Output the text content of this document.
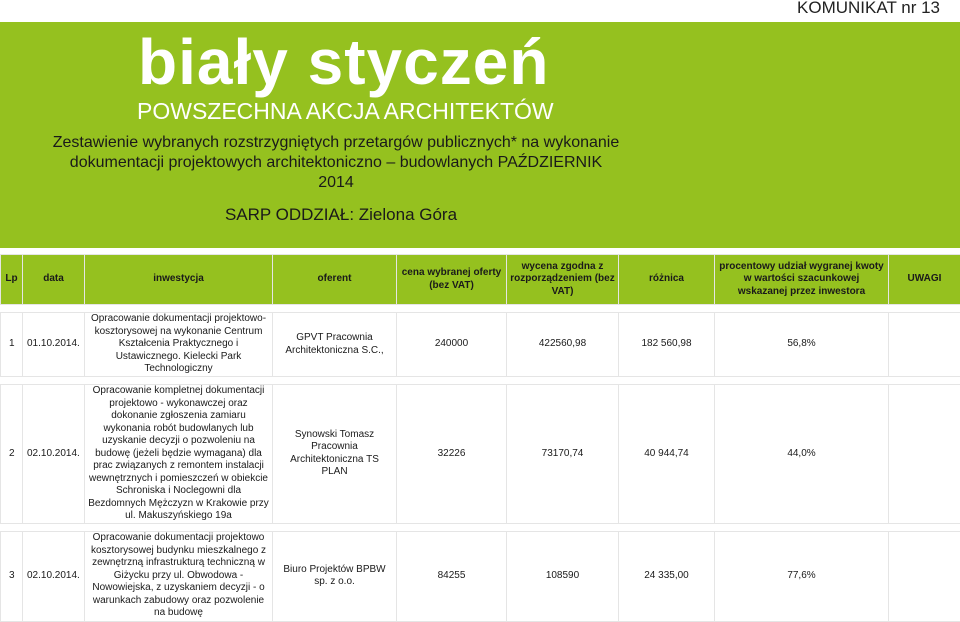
KOMUNIKAT nr 13
biały styczeń
POWSZECHNA AKCJA ARCHITEKTÓW
Zestawienie wybranych rozstrzygniętych przetargów publicznych* na wykonanie
dokumentacji projektowych architektoniczno – budowlanych PAŹDZIERNIK
2014
SARP ODDZIAŁ: Zielona Góra
Lp	data	inwestycja	oferent	cena wybranej oferty (bez VAT)	wycena zgodna z rozporządzeniem (bez VAT)	różnica	procentowy udział wygranej kwoty w wartości szacunkowej wskazanej przez inwestora	UWAGI

1	01.10.2014.	Opracowanie dokumentacji projektowo-kosztorysowej na wykonanie Centrum Kształcenia Praktycznego i Ustawicznego. Kielecki Park Technologiczny	GPVT Pracownia Architektoniczna S.C.,	240000	422560,98	182 560,98	56,8%	

2	02.10.2014.	Opracowanie kompletnej dokumentacji projektowo - wykonawczej oraz dokonanie zgłoszenia zamiaru wykonania robót budowlanych lub uzyskanie decyzji o pozwoleniu na budowę (jeżeli będzie wymagana) dla prac związanych z remontem instalacji wewnętrznych i pomieszczeń w obiekcie Schroniska i Noclegowni dla Bezdomnych Mężczyzn w Krakowie przy ul. Makuszyńskiego 19a	Synowski Tomasz Pracownia Architektoniczna TS PLAN	32226	73170,74	40 944,74	44,0%	

3	02.10.2014.	Opracowanie dokumentacji projektowo kosztorysowej budynku mieszkalnego z zewnętrzną infrastrukturą techniczną w Giżycku przy ul. Obwodowa - Nowowiejska, z uzyskaniem decyzji - o warunkach zabudowy oraz pozwolenie na budowę	Biuro Projektów BPBW sp. z o.o.	84255	108590	24 335,00	77,6%	
